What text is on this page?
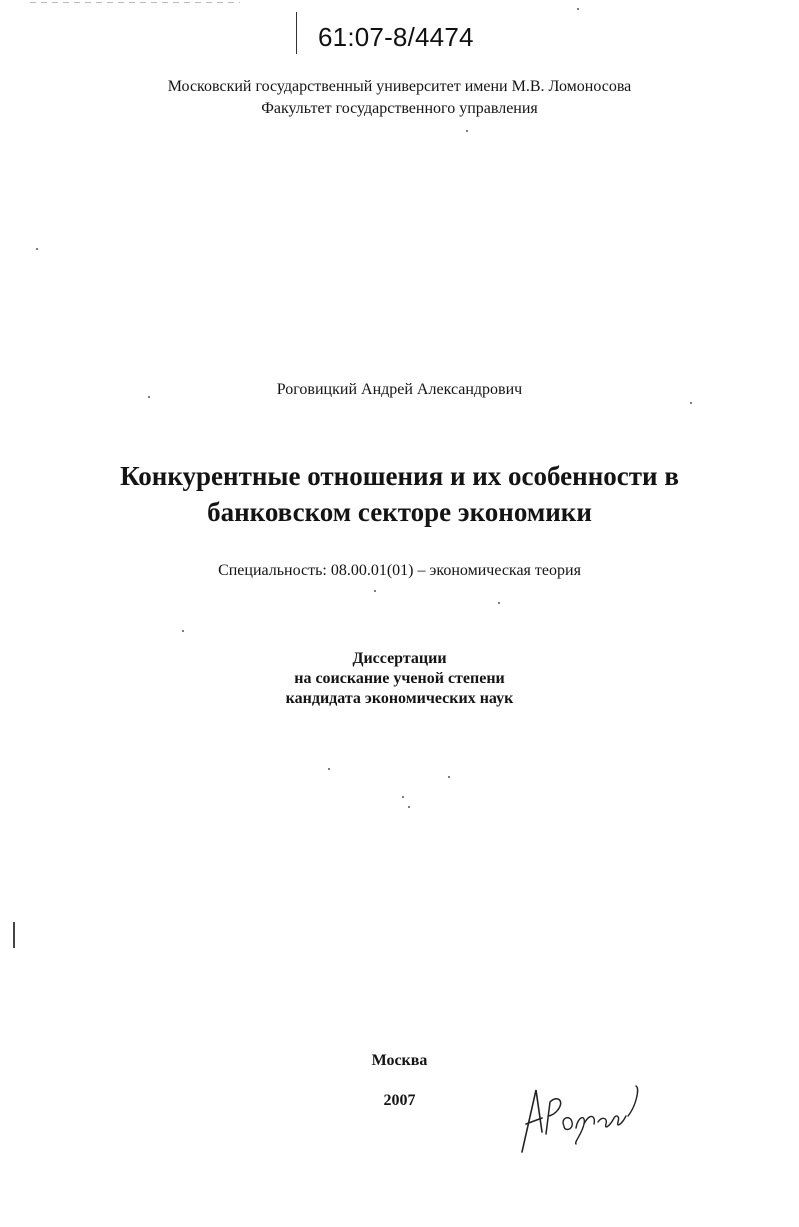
61:07-8/4474
Московский государственный университет имени М.В. Ломоносова
Факультет государственного управления
Роговицкий Андрей Александрович
Конкурентные отношения и их особенности в
банковском секторе экономики
Специальность: 08.00.01(01) – экономическая теория
Диссертации
на соискание ученой степени
кандидата экономических наук
Москва
2007
